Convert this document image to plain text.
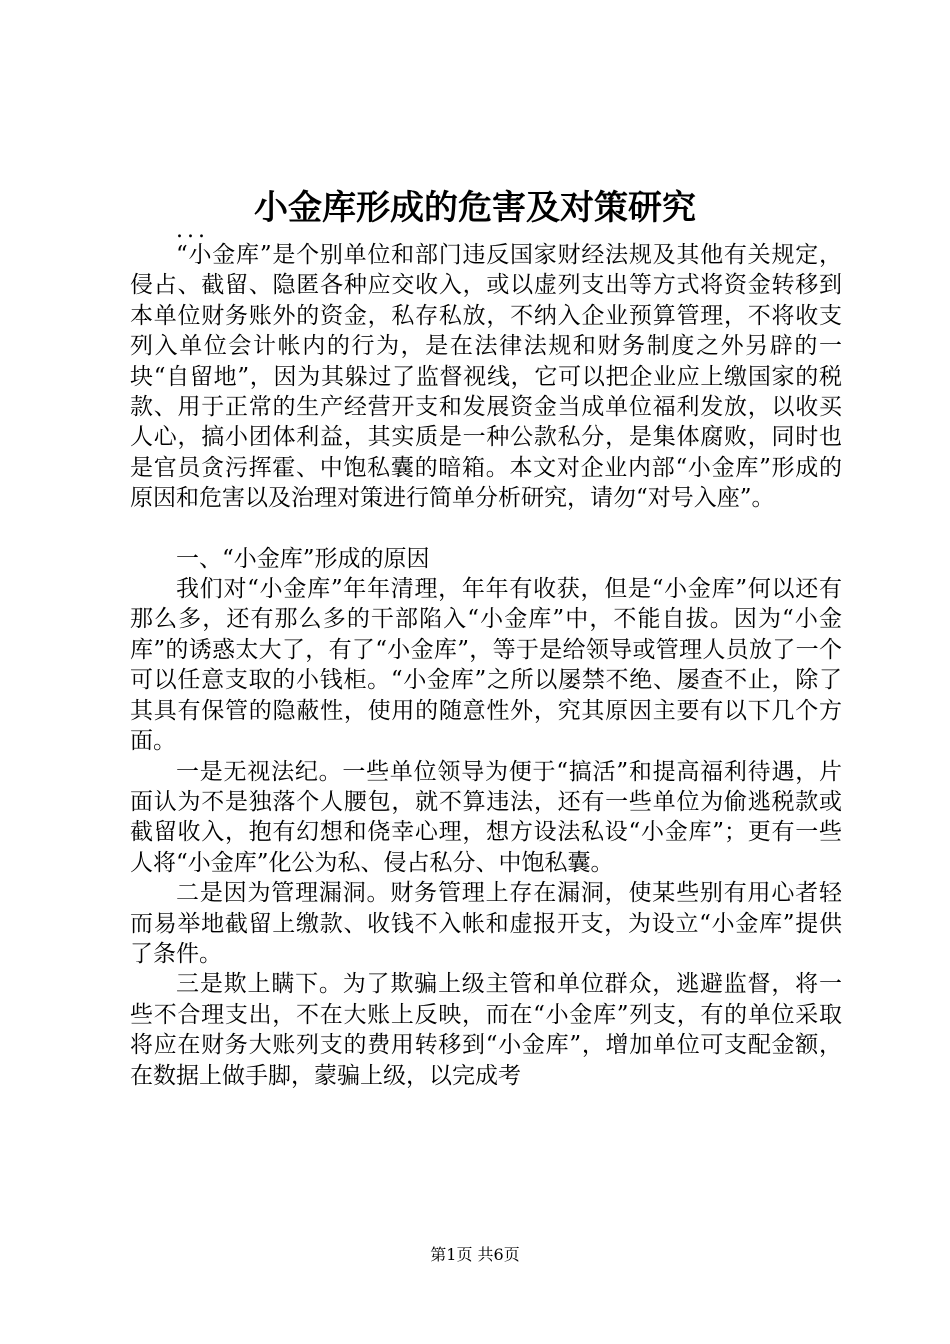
小金库形成的危害及对策研究
...

“小金库”是个别单位和部门违反国家财经法规及其他有关规定，侵占、截留、隐匿各种应交收入，或以虚列支出等方式将资金转移到本单位财务账外的资金，私存私放，不纳入企业预算管理，不将收支列入单位会计帐内的行为，是在法律法规和财务制度之外另辟的一块“自留地”，因为其躲过了监督视线，它可以把企业应上缴国家的税款、用于正常的生产经营开支和发展资金当成单位福利发放，以收买人心，搞小团体利益，其实质是一种公款私分，是集体腐败，同时也是官员贪污挥霍、中饱私囊的暗箱。本文对企业内部“小金库”形成的原因和危害以及治理对策进行简单分析研究，请勿“对号入座”。

一、“小金库”形成的原因

我们对“小金库”年年清理，年年有收获，但是“小金库”何以还有那么多，还有那么多的干部陷入“小金库”中，不能自拔。因为“小金库”的诱惑太大了，有了“小金库”，等于是给领导或管理人员放了一个可以任意支取的小钱柜。“小金库”之所以屡禁不绝、屡查不止，除了其具有保管的隐蔽性，使用的随意性外，究其原因主要有以下几个方面。

一是无视法纪。一些单位领导为便于“搞活”和提高福利待遇，片面认为不是独落个人腰包，就不算违法，还有一些单位为偷逃税款或截留收入，抱有幻想和侥幸心理，想方设法私设“小金库”；更有一些人将“小金库”化公为私、侵占私分、中饱私囊。

二是因为管理漏洞。财务管理上存在漏洞，使某些别有用心者轻而易举地截留上缴款、收钱不入帐和虚报开支，为设立“小金库”提供了条件。

三是欺上瞒下。为了欺骗上级主管和单位群众，逃避监督，将一些不合理支出，不在大账上反映，而在“小金库”列支，有的单位采取将应在财务大账列支的费用转移到“小金库”，增加单位可支配金额，在数据上做手脚，蒙骗上级，以完成考

第1页 共6页
